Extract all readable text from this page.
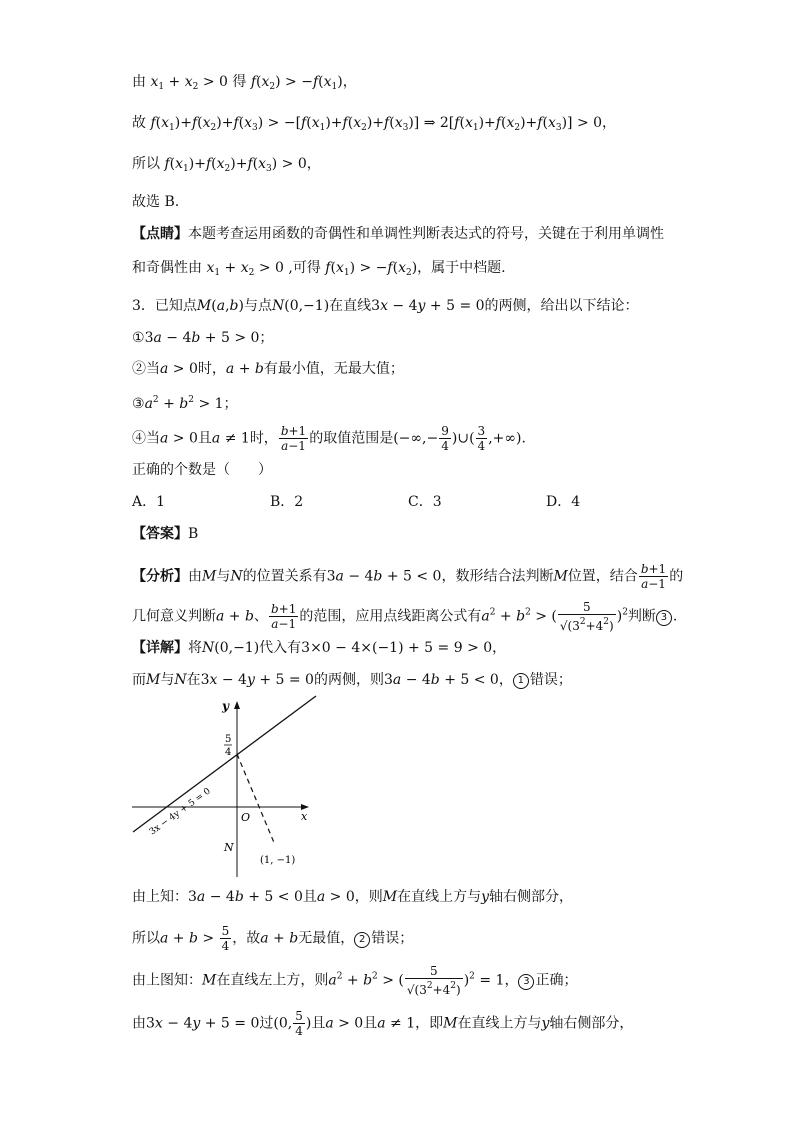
由 $x_1 + x_2 > 0$ 得 $f(x_2) > -f(x_1)$，
故 $f(x_1)+f(x_2)+f(x_3) > -[f(x_1)+f(x_2)+f(x_3)]$ ⇒ $2[f(x_1)+f(x_2)+f(x_3)] > 0$，
所以 $f(x_1)+f(x_2)+f(x_3) > 0$，
故选 B.
【点睛】本题考查运用函数的奇偶性和单调性判断表达式的符号，关键在于利用单调性
和奇偶性由 $x_1 + x_2 > 0$ ,可得 $f(x_1) > -f(x_2)$，属于中档题.
3．已知点M(a,b)与点N(0,−1)在直线3x − 4y + 5 = 0的两侧，给出以下结论：
①3a − 4b + 5 > 0；
②当a > 0时，a + b有最小值，无最大值；
$③a^2 + b^2 > 1$；
④当a > 0且a ≠ 1时， $\frac{b+1}{a-1}$ 的取值范围是(−∞,− $\frac{9}{4}$ )∪( $\frac{3}{4}$ ,+∞).
正确的个数是（　　）
A．1	B．2	C．3	D．4
【答案】B
【分析】由M与N的位置关系有3a − 4b + 5 < 0，数形结合法判断M位置，结合 $\frac{b+1}{a-1}$ 的
几何意义判断a + b、 $\frac{b+1}{a-1}$ 的范围，应用点线距离公式有$a^2 + b^2$ > ( $\frac{5}{√(3^2+4^2)} )^2$判断 3 .
【详解】将N(0,−1)代入有3×0 − 4×(−1) + 5 = 9 > 0，
而M与N在3x − 4y + 5 = 0的两侧，则3a − 4b + 5 < 0， 1 错误；
y
x
O
N
5
4
3x − 4y + 5 = 0
(1, −1)
由上知：3a − 4b + 5 < 0且a > 0，则M在直线上方与y轴右侧部分，
所以$a + b > \frac{5}{4}$ ，故a + b无最值， 2 错误；
由上图知：M在直线左上方，则$a^2 + b^2$ > ( $\frac{5}{√(3^2+4^2)} )^2 = 1$， 3 正确；
由3x − 4y + 5 = 0过(0, $\frac{5}{4}$ )且a > 0且a ≠ 1，即M在直线上方与y轴右侧部分，
